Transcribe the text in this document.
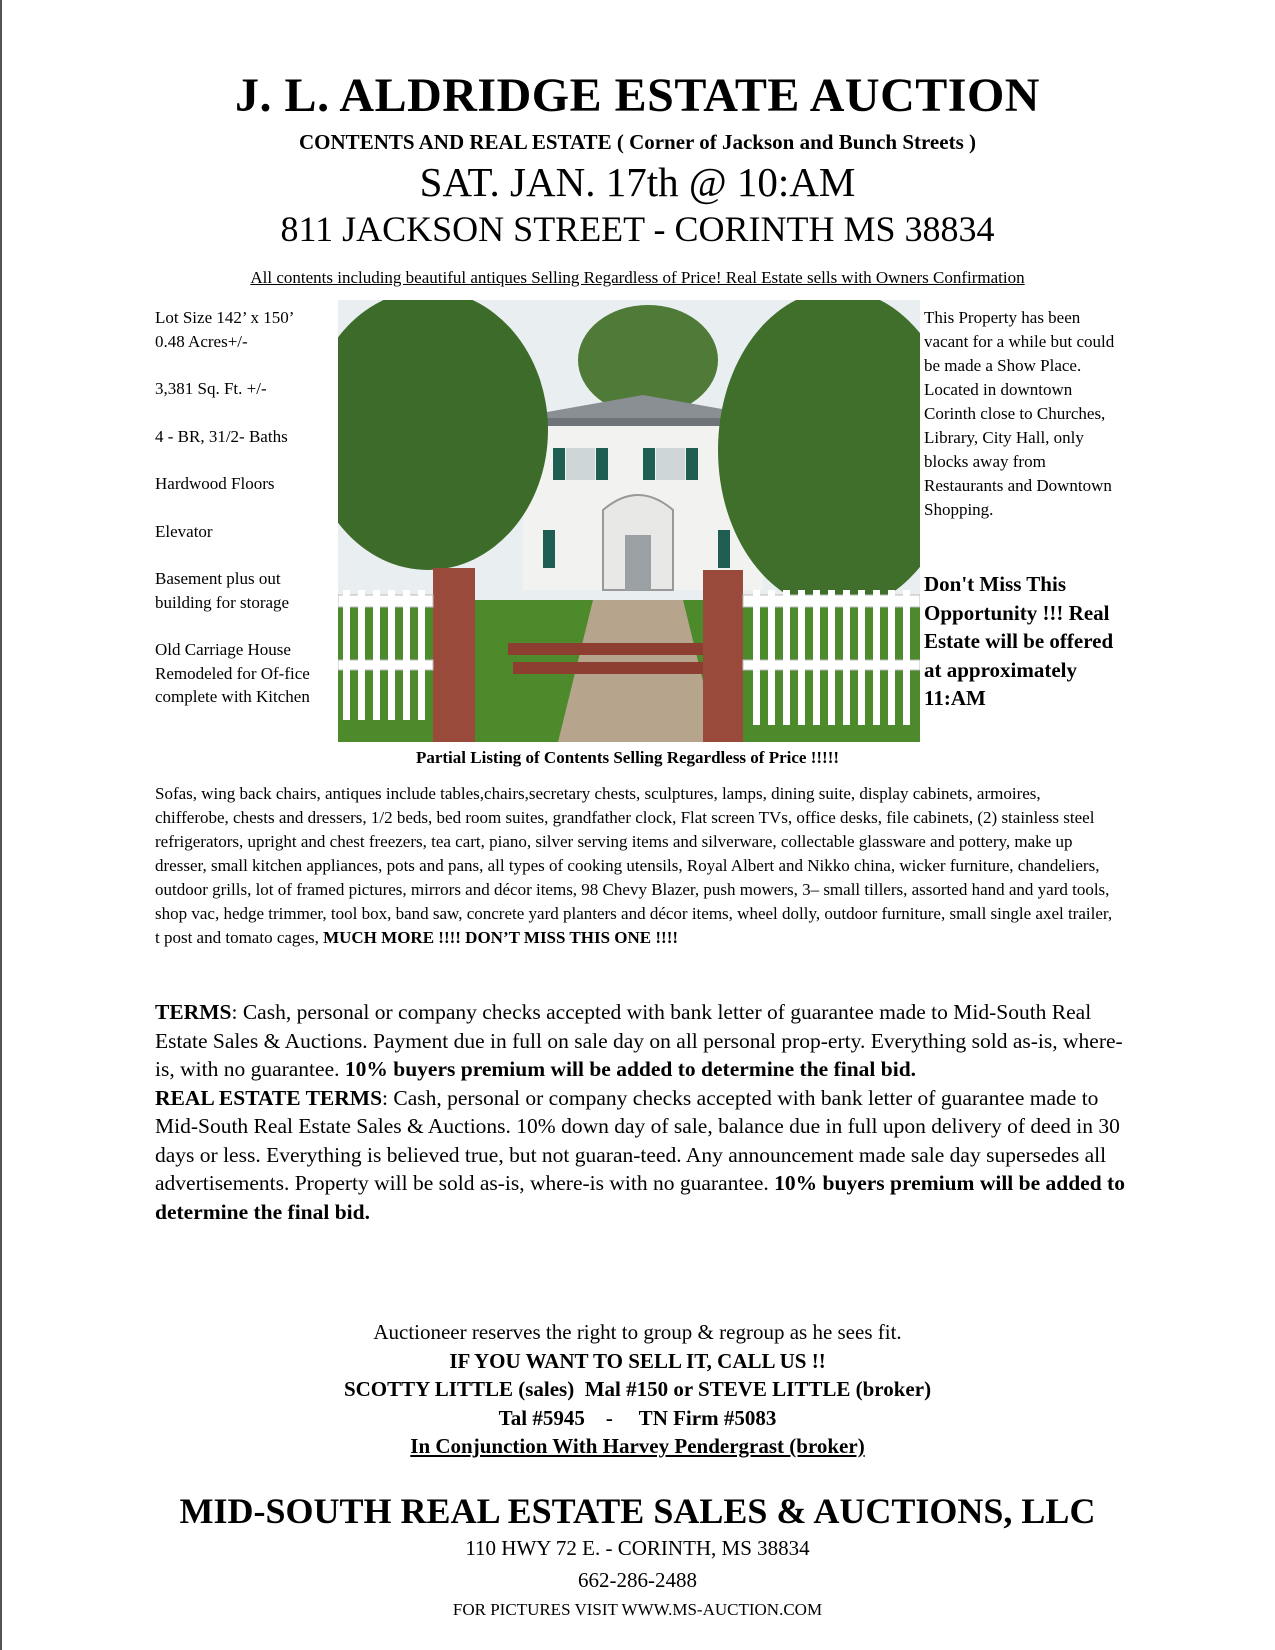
J. L. ALDRIDGE ESTATE AUCTION
CONTENTS AND REAL ESTATE ( Corner of Jackson and Bunch Streets )
SAT. JAN. 17th @ 10:AM
811 JACKSON STREET - CORINTH MS 38834
All contents including beautiful antiques Selling Regardless of Price! Real Estate sells with Owners Confirmation

Lot Size 142’ x 150’
0.48 Acres+/-

3,381 Sq. Ft. +/-

4 - BR, 31/2- Baths

Hardwood Floors

Elevator

Basement plus out building for storage

Old Carriage House Remodeled for Of-fice complete with Kitchen

This Property has been vacant for a while but could be made a Show Place. Located in downtown Corinth close to Churches, Library, City Hall, only blocks away from Restaurants and Downtown Shopping.
Don't Miss This Opportunity !!! Real Estate will be offered at approximately 11:AM
Partial Listing of Contents Selling Regardless of Price !!!!!
Sofas, wing back chairs, antiques include tables,chairs,secretary chests, sculptures, lamps, dining suite, display cabinets, armoires, chifferobe, chests and dressers, 1/2 beds, bed room suites, grandfather clock, Flat screen TVs, office desks, file cabinets, (2) stainless steel refrigerators, upright and chest freezers, tea cart, piano, silver serving items and silverware, collectable glassware and pottery, make up dresser, small kitchen appliances, pots and pans, all types of cooking utensils, Royal Albert and Nikko china, wicker furniture, chandeliers, outdoor grills, lot of framed pictures, mirrors and décor items, 98 Chevy Blazer, push mowers, 3– small tillers, assorted hand and yard tools, shop vac, hedge trimmer, tool box, band saw, concrete yard planters and décor items, wheel dolly, outdoor furniture, small single axel trailer, t post and tomato cages, MUCH MORE !!!! DON’T MISS THIS ONE !!!!
TERMS: Cash, personal or company checks accepted with bank letter of guarantee made to Mid-South Real Estate Sales & Auctions. Payment due in full on sale day on all personal prop-erty. Everything sold as-is, where-is, with no guarantee. 10% buyers premium will be added to determine the final bid.
REAL ESTATE TERMS: Cash, personal or company checks accepted with bank letter of guarantee made to Mid-South Real Estate Sales & Auctions. 10% down day of sale, balance due in full upon delivery of deed in 30 days or less. Everything is believed true, but not guaran-teed. Any announcement made sale day supersedes all advertisements. Property will be sold as-is, where-is with no guarantee. 10% buyers premium will be added to determine the final bid.
Auctioneer reserves the right to group & regroup as he sees fit.
IF YOU WANT TO SELL IT, CALL US !!
SCOTTY LITTLE (sales)  Mal #150 or STEVE LITTLE (broker)
Tal #5945    -     TN Firm #5083
In Conjunction With Harvey Pendergrast (broker)
MID-SOUTH REAL ESTATE SALES & AUCTIONS, LLC
110 HWY 72 E. - CORINTH, MS 38834
662-286-2488
FOR PICTURES VISIT WWW.MS-AUCTION.COM
